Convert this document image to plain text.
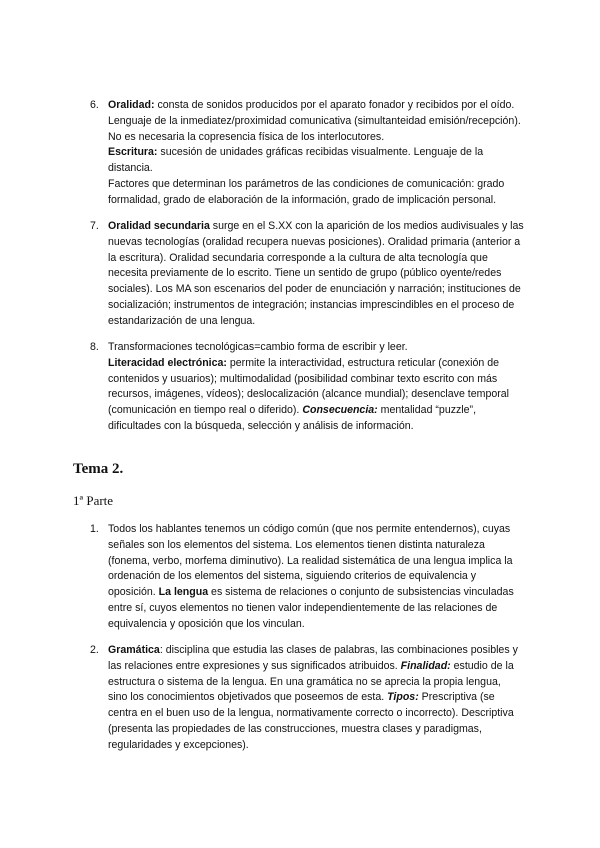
6. Oralidad: consta de sonidos producidos por el aparato fonador y recibidos por el oído.
Lenguaje de la inmediatez/proximidad comunicativa (simultanteidad emisión/recepción).
No es necesaria la copresencia física de los interlocutores.
Escritura: sucesión de unidades gráficas recibidas visualmente. Lenguaje de la
distancia.
Factores que determinan los parámetros de las condiciones de comunicación: grado
formalidad, grado de elaboración de la información, grado de implicación personal.
7. Oralidad secundaria surge en el S.XX con la aparición de los medios audivisuales y las
nuevas tecnologías (oralidad recupera nuevas posiciones). Oralidad primaria (anterior a
la escritura). Oralidad secundaria corresponde a la cultura de alta tecnología que
necesita previamente de lo escrito. Tiene un sentido de grupo (público oyente/redes
sociales). Los MA son escenarios del poder de enunciación y narración; instituciones de
socialización; instrumentos de integración; instancias imprescindibles en el proceso de
estandarización de una lengua.
8. Transformaciones tecnológicas=cambio forma de escribir y leer.
Literacidad electrónica: permite la interactividad, estructura reticular (conexión de
contenidos y usuarios); multimodalidad (posibilidad combinar texto escrito con más
recursos, imágenes, vídeos); deslocalización (alcance mundial); desenclave temporal
(comunicación en tiempo real o diferido). Consecuencia: mentalidad “puzzle”,
dificultades con la búsqueda, selección y análisis de información.
Tema 2.

1ª Parte

1. Todos los hablantes tenemos un código común (que nos permite entendernos), cuyas
señales son los elementos del sistema. Los elementos tienen distinta naturaleza
(fonema, verbo, morfema diminutivo). La realidad sistemática de una lengua implica la
ordenación de los elementos del sistema, siguiendo criterios de equivalencia y
oposición. La lengua es sistema de relaciones o conjunto de subsistencias vinculadas
entre sí, cuyos elementos no tienen valor independientemente de las relaciones de
equivalencia y oposición que los vinculan.
2. Gramática: disciplina que estudia las clases de palabras, las combinaciones posibles y
las relaciones entre expresiones y sus significados atribuidos. Finalidad: estudio de la
estructura o sistema de la lengua. En una gramática no se aprecia la propia lengua,
sino los conocimientos objetivados que poseemos de esta. Tipos: Prescriptiva (se
centra en el buen uso de la lengua, normativamente correcto o incorrecto). Descriptiva
(presenta las propiedades de las construcciones, muestra clases y paradigmas,
regularidades y excepciones).
